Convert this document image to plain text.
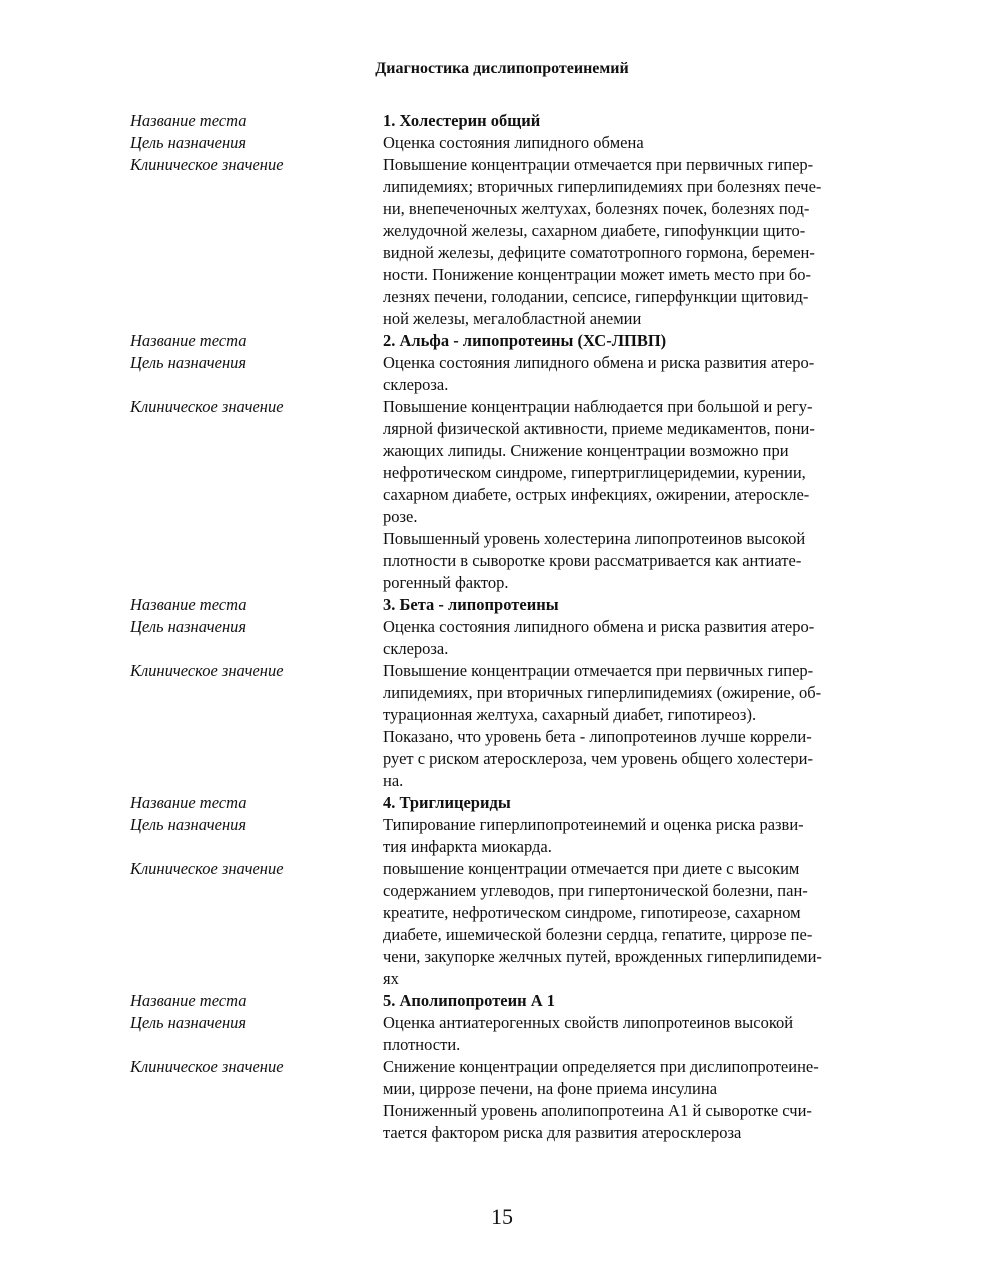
Диагностика дислипопротеинемий
Название теста	1. Холестерин общий
Цель назначения	Оценка состояния липидного обмена

Клиническое значение	Повышение концентрации отмечается при первичных гипер-
липидемиях; вторичных гиперлипидемиях при болезнях пече-
ни, внепеченочных желтухах, болезнях почек, болезнях под-
желудочной железы, сахарном диабете, гипофункции щито-
видной железы, дефиците соматотропного гормона, беремен-
ности. Понижение концентрации может иметь место при бо-
лезнях печени, голодании, сепсисе, гиперфункции щитовид-
ной железы, мегалобластной анемии

Название теста	2. Альфа - липопротеины (ХС-ЛПВП)
Цель назначения	Оценка состояния липидного обмена и риска развития атеро-
склероза.

Клиническое значение	Повышение концентрации наблюдается при большой и регу-
лярной физической активности, приеме медикаментов, пони-
жающих липиды. Снижение концентрации возможно при
нефротическом синдроме, гипертриглицеридемии, курении,
сахарном диабете, острых инфекциях, ожирении, атероскле-
розе.

Повышенный уровень холестерина липопротеинов высокой
плотности в сыворотке крови рассматривается как антиате-
рогенный фактор.

Название теста	3. Бета - липопротеины
Цель назначения	Оценка состояния липидного обмена и риска развития атеро-
склероза.

Клиническое значение	Повышение концентрации отмечается при первичных гипер-
липидемиях, при вторичных гиперлипидемиях (ожирение, об-
турационная желтуха, сахарный диабет, гипотиреоз).

Показано, что уровень бета - липопротеинов лучше коррели-
рует с риском атеросклероза, чем уровень общего холестери-
на.

Название теста	4. Триглицериды
Цель назначения	Типирование гиперлипопротеинемий и оценка риска разви-
тия инфаркта миокарда.

Клиническое значение	повышение концентрации отмечается при диете с высоким
содержанием углеводов, при гипертонической болезни, пан-
креатите, нефротическом синдроме, гипотиреозе, сахарном
диабете, ишемической болезни сердца, гепатите, циррозе пе-
чени, закупорке желчных путей, врожденных гиперлипидеми-
ях

Название теста	5. Аполипопротеин А 1
Цель назначения	Оценка антиатерогенных свойств липопротеинов высокой
плотности.

Клиническое значение	Снижение концентрации определяется при дислипопротеине-
мии, циррозе печени, на фоне приема инсулина

Пониженный уровень аполипопротеина А1 й сыворотке счи-
тается фактором риска для развития атеросклероза

15
